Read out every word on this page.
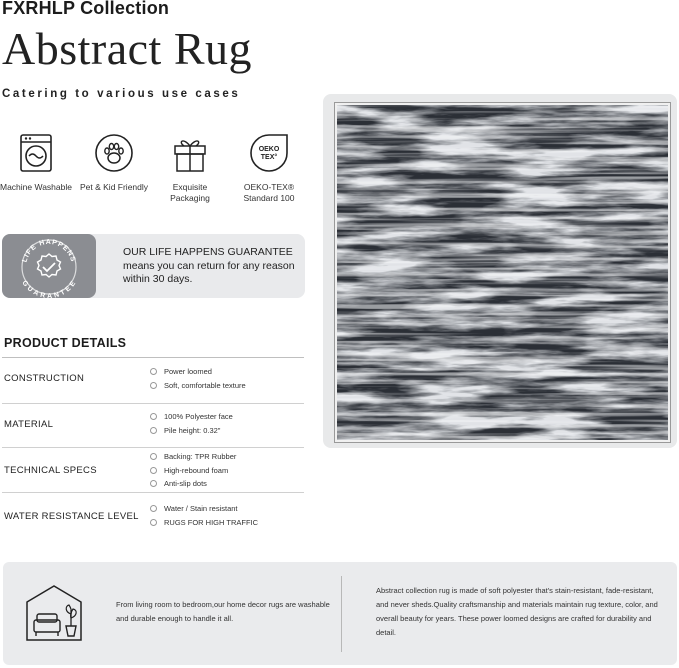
FXRHLP Collection
Abstract Rug
Catering to various use cases
Machine Washable Pet & Kid Friendly	Exquisite Packaging
OEKO
TEX°
OEKO-TEX® Standard 100
LIFE HAPPENS
GUARANTEE
OUR LIFE HAPPENS GUARANTEE means you can return for any reason within 30 days.
PRODUCT DETAILS
CONSTRUCTION
Power loomed
Soft, comfortable texture
MATERIAL
100% Polyester face
Pile height: 0.32"
TECHNICAL SPECS
Backing: TPR Rubber
High-rebound foam
Anti-slip dots
WATER RESISTANCE LEVEL
Water / Stain resistant
RUGS FOR HIGH TRAFFIC
From living room to bedroom,our home decor rugs are washable and durable enough to handle it all.
Abstract collection rug is made of soft polyester that's stain-resistant, fade-resistant, and never sheds.Quality craftsmanship and materials maintain rug texture, color, and overall beauty for years. These power loomed designs are crafted for durability and detail.
